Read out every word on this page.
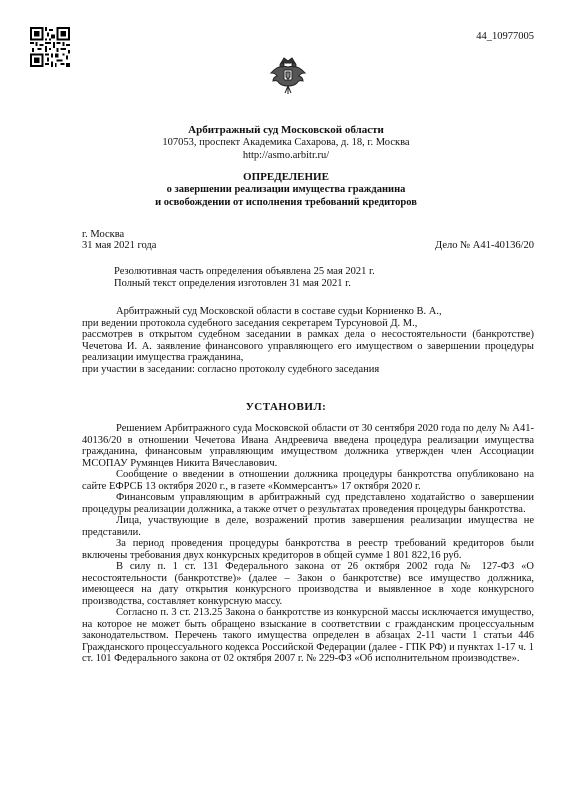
44_10977005
Арбитражный суд Московской области
107053, проспект Академика Сахарова, д. 18, г. Москва
http://asmo.arbitr.ru/
ОПРЕДЕЛЕНИЕ
о завершении реализации имущества гражданина
и освобождении от исполнения требований кредиторов
г. Москва
31 мая 2021 года	Дело № А41-40136/20

Резолютивная часть определения объявлена 25 мая 2021 г.

Полный текст определения изготовлен 31 мая 2021 г.

Арбитражный суд Московской области в составе судьи Корниенко В. А.,

при ведении протокола судебного заседания секретарем Турсуновой Д. М.,

рассмотрев в открытом судебном заседании в рамках дела о несостоятельности (банкротстве) Чечетова И. А. заявление финансового управляющего его имуществом о завершении процедуры реализации имущества гражданина,

при участии в заседании: согласно протоколу судебного заседания

УСТАНОВИЛ:

Решением Арбитражного суда Московской области от 30 сентября 2020 года по делу № А41-40136/20 в отношении Чечетова Ивана Андреевича введена процедура реализации имущества гражданина, финансовым управляющим имуществом должника утвержден член Ассоциации МСОПАУ Румянцев Никита Вячеславович.

Сообщение о введении в отношении должника процедуры банкротства опубликовано на сайте ЕФРСБ 13 октября 2020 г., в газете «Коммерсантъ» 17 октября 2020 г.

Финансовым управляющим в арбитражный суд представлено ходатайство о завершении процедуры реализации должника, а также отчет о результатах проведения процедуры банкротства.

Лица, участвующие в деле, возражений против завершения реализации имущества не представили.

За период проведения процедуры банкротства в реестр требований кредиторов были включены требования двух конкурсных кредиторов в общей сумме 1 801 822,16 руб.

В силу п. 1 ст. 131 Федерального закона от 26 октября 2002 года № 127-ФЗ «О несостоятельности (банкротстве)» (далее – Закон о банкротстве) все имущество должника, имеющееся на дату открытия конкурсного производства и выявленное в ходе конкурсного производства, составляет конкурсную массу.

Согласно п. 3 ст. 213.25 Закона о банкротстве из конкурсной массы исключается имущество, на которое не может быть обращено взыскание в соответствии с гражданским процессуальным законодательством. Перечень такого имущества определен в абзацах 2-11 части 1 статьи 446 Гражданского процессуального кодекса Российской Федерации (далее - ГПК РФ) и пунктах 1-17 ч. 1 ст. 101 Федерального закона от 02 октября 2007 г. № 229-ФЗ «Об исполнительном производстве».
